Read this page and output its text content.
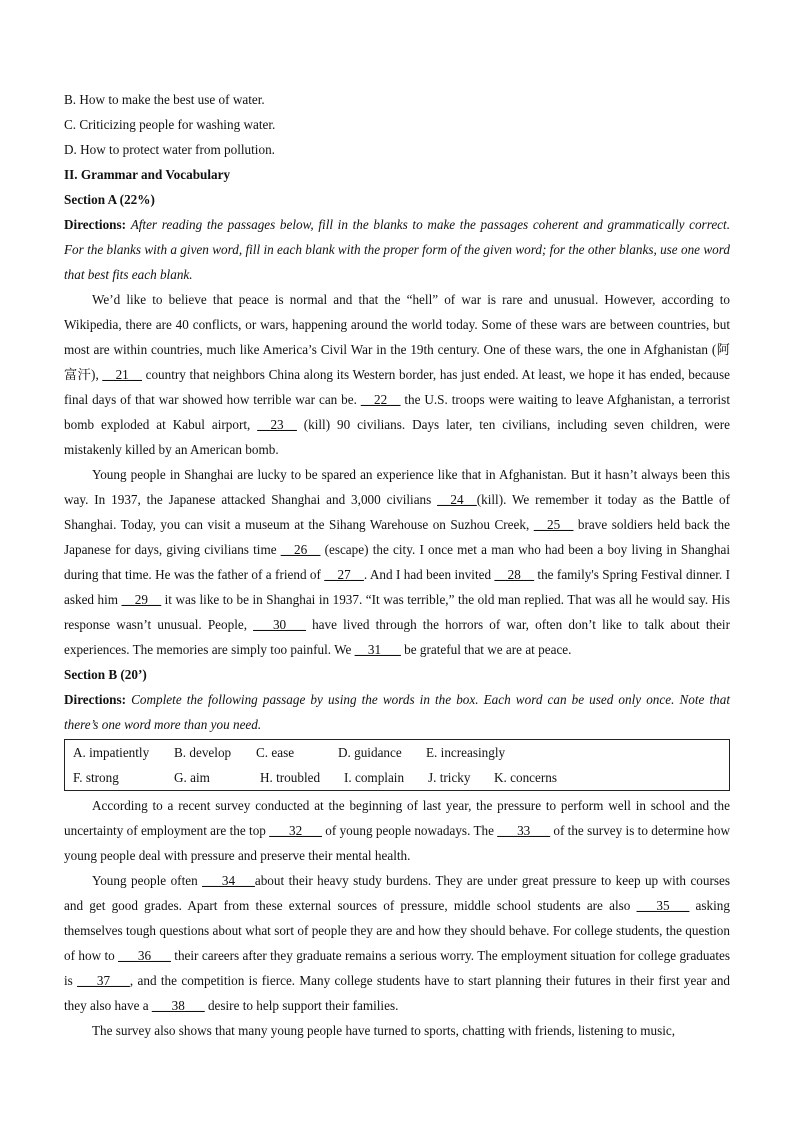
B. How to make the best use of water.

C. Criticizing people for washing water.

D. How to protect water from pollution.

II. Grammar and Vocabulary

Section A (22%)

Directions: After reading the passages below, fill in the blanks to make the passages coherent and grammatically correct. For the blanks with a given word, fill in each blank with the proper form of the given word; for the other blanks, use one word that best fits each blank.

We’d like to believe that peace is normal and that the “hell” of war is rare and unusual. However, according to Wikipedia, there are 40 conflicts, or wars, happening around the world today. Some of these wars are between countries, but most are within countries, much like America’s Civil War in the 19th century. One of these wars, the one in Afghanistan (阿富汗), __21__ country that neighbors China along its Western border, has just ended. At least, we hope it has ended, because final days of that war showed how terrible war can be. __22__ the U.S. troops were waiting to leave Afghanistan, a terrorist bomb exploded at Kabul airport, __23__ (kill) 90 civilians. Days later, ten civilians, including seven children, were mistakenly killed by an American bomb.

Young people in Shanghai are lucky to be spared an experience like that in Afghanistan. But it hasn’t always been this way. In 1937, the Japanese attacked Shanghai and 3,000 civilians __24__(kill). We remember it today as the Battle of Shanghai. Today, you can visit a museum at the Sihang Warehouse on Suzhou Creek, __25__ brave soldiers held back the Japanese for days, giving civilians time __26__ (escape) the city. I once met a man who had been a boy living in Shanghai during that time. He was the father of a friend of __27__. And I had been invited __28__ the family's Spring Festival dinner. I asked him __29__ it was like to be in Shanghai in 1937. “It was terrible,” the old man replied. That was all he would say. His response wasn’t unusual. People, ___30___ have lived through the horrors of war, often don’t like to talk about their experiences. The memories are simply too painful. We __31___ be grateful that we are at peace.

Section B (20’)

Directions: Complete the following passage by using the words in the box. Each word can be used only once. Note that there’s one word more than you need.

A. impatiently	B. develop	C. ease	D. guidance	E. increasingly
F. strong	G. aim	H. troubled	I. complain	J. tricky	K. concerns

According to a recent survey conducted at the beginning of last year, the pressure to perform well in school and the uncertainty of employment are the top ___32___ of young people nowadays. The ___33___ of the survey is to determine how young people deal with pressure and preserve their mental health.

Young people often ___34___about their heavy study burdens. They are under great pressure to keep up with courses and get good grades. Apart from these external sources of pressure, middle school students are also ___35___ asking themselves tough questions about what sort of people they are and how they should behave. For college students, the question of how to ___36___ their careers after they graduate remains a serious worry. The employment situation for college graduates is ___37___, and the competition is fierce. Many college students have to start planning their futures in their first year and they also have a ___38___ desire to help support their families.

The survey also shows that many young people have turned to sports, chatting with friends, listening to music,
